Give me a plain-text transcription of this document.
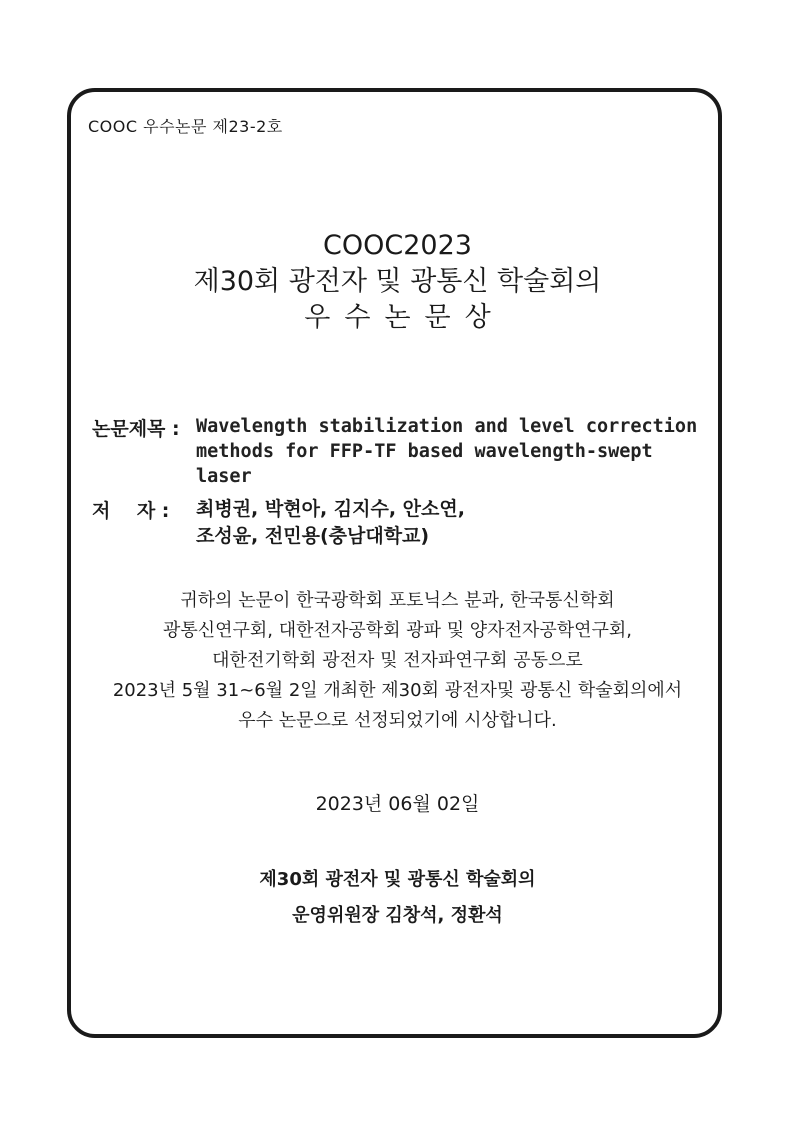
COOC 우수논문 제23-2호
COOC2023
제30회 광전자 및 광통신 학술회의
우수논문상
논문제목 : Wavelength stabilization and level correction
methods for FFP-TF based wavelength-swept
laser
저    자 : 최병권, 박현아, 김지수, 안소연,
조성윤, 전민용(충남대학교)
귀하의 논문이 한국광학회 포토닉스 분과, 한국통신학회
광통신연구회, 대한전자공학회 광파 및 양자전자공학연구회,
대한전기학회 광전자 및 전자파연구회 공동으로
2023년 5월 31~6월 2일 개최한 제30회 광전자및 광통신 학술회의에서
우수 논문으로 선정되었기에 시상합니다.
2023년 06월 02일
제30회 광전자 및 광통신 학술회의
운영위원장 김창석, 정환석
